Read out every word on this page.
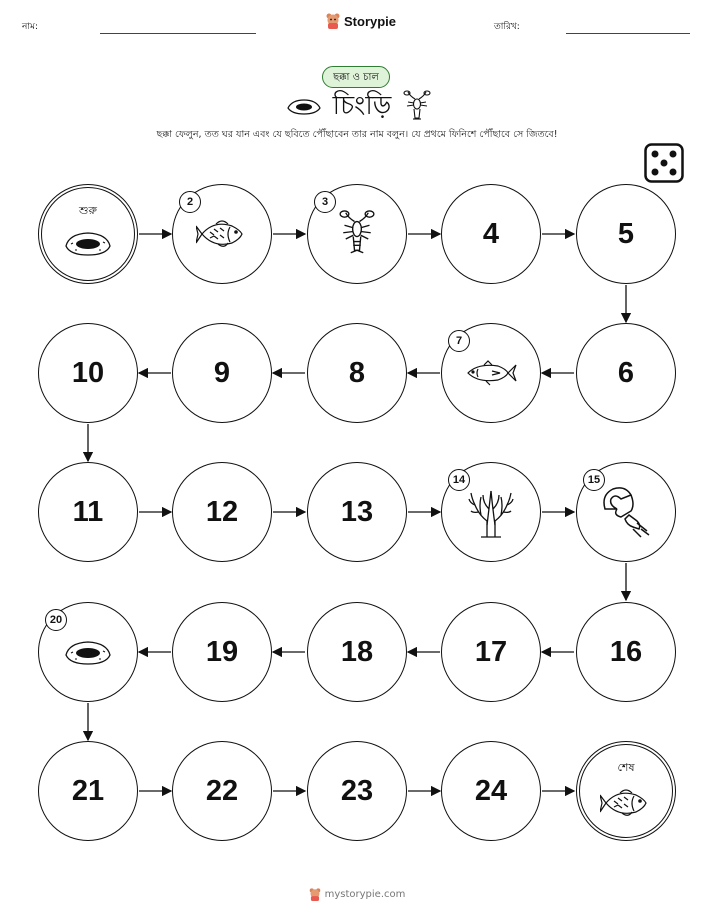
নাম:	Storypie	তারিখ:
ছক্কা ও চাল
চিংড়ি
ছক্কা ফেলুন, তত ঘর যান এবং যে ছবিতে পৌঁছাবেন তার নাম বলুন। যে প্রথমে ফিনিশে পৌঁছাবে সে জিতবে!
শুরু
2	3
4	5
10	9	8
7
6
11	12	13
14	15
20
19	18	17	16
21	22	23	24
শেষ
mystorypie.com
